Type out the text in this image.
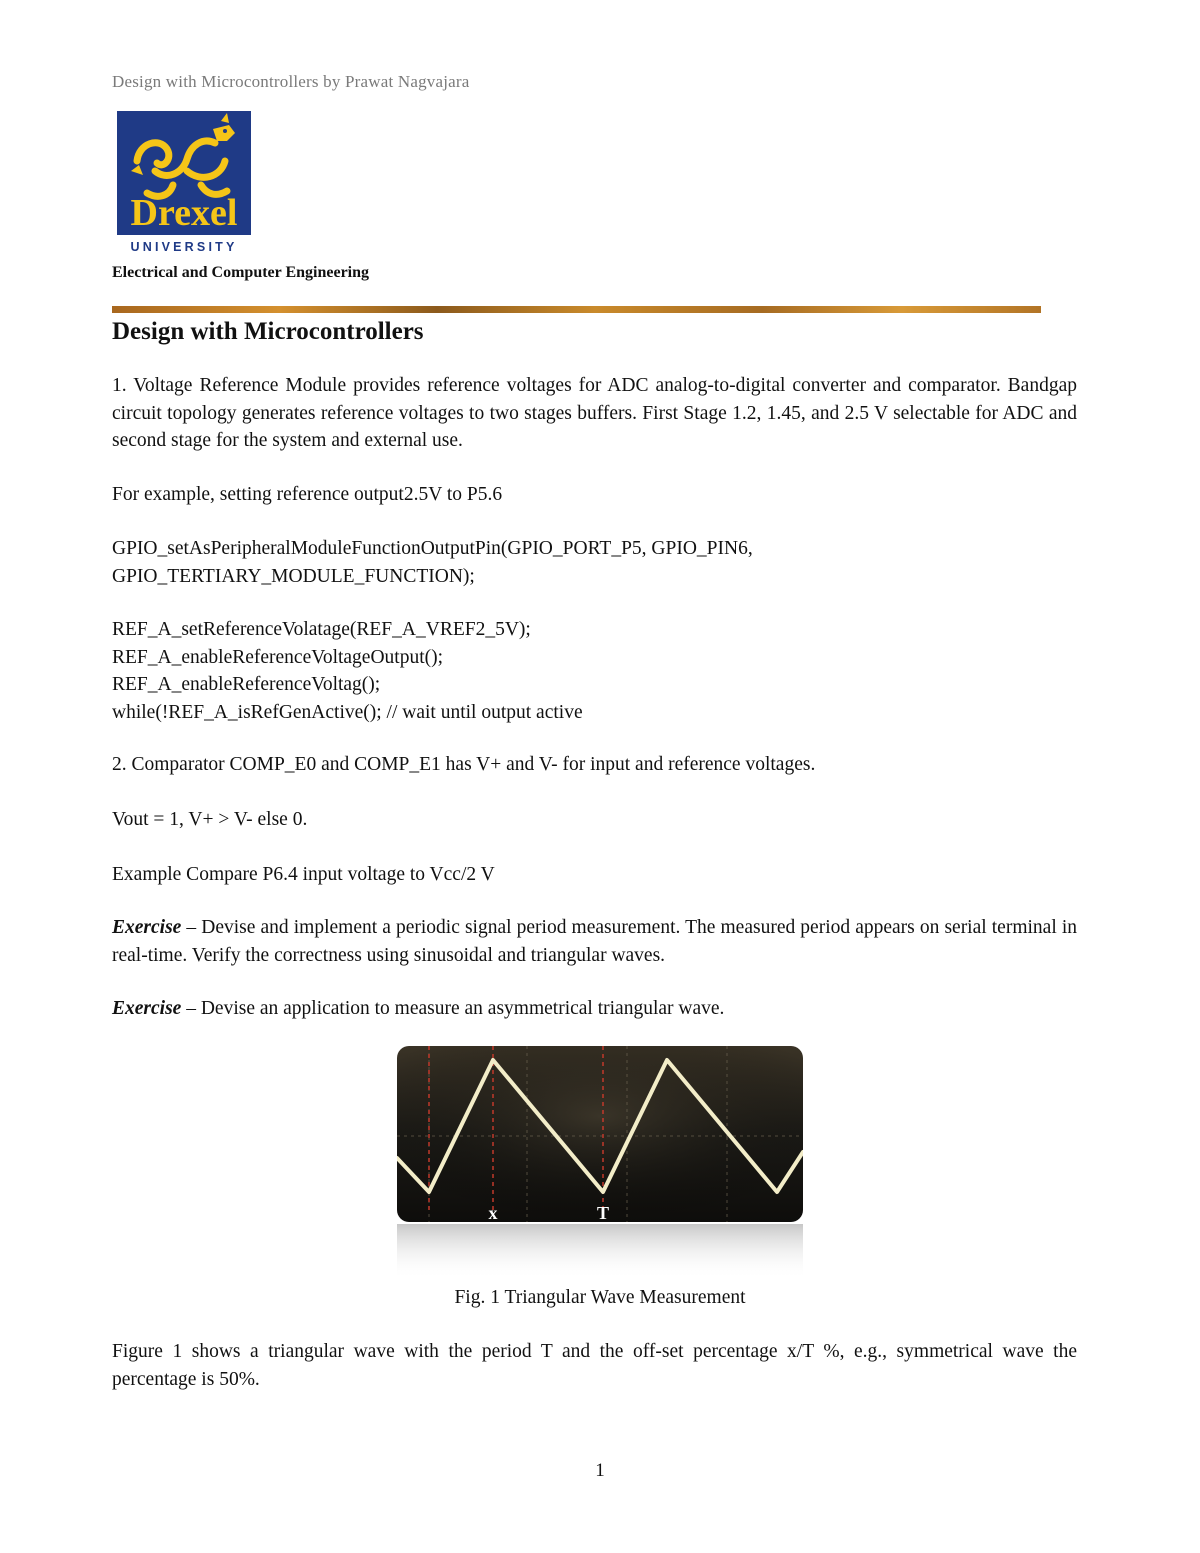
Design with Microcontrollers by Prawat Nagvajara
Drexel
UNIVERSITY
Electrical and Computer Engineering
Design with Microcontrollers

1. Voltage Reference Module provides reference voltages for ADC analog-to-digital converter and comparator. Bandgap circuit topology generates reference voltages to two stages buffers. First Stage 1.2, 1.45, and 2.5 V selectable for ADC and second stage for the system and external use.

For example, setting reference output2.5V to P5.6

GPIO_setAsPeripheralModuleFunctionOutputPin(GPIO_PORT_P5, GPIO_PIN6,

GPIO_TERTIARY_MODULE_FUNCTION);

REF_A_setReferenceVolatage(REF_A_VREF2_5V);

REF_A_enableReferenceVoltageOutput();

REF_A_enableReferenceVoltag();

while(!REF_A_isRefGenActive(); // wait until output active

2. Comparator COMP_E0 and COMP_E1 has V+ and V- for input and reference voltages.

Vout = 1, V+ > V- else 0.

Example Compare P6.4 input voltage to Vcc/2 V

Exercise – Devise and implement a periodic signal period measurement. The measured period appears on serial terminal in real-time. Verify the correctness using sinusoidal and triangular waves.

Exercise – Devise an application to measure an asymmetrical triangular wave.

x	T
Fig. 1 Triangular Wave Measurement

Figure 1 shows a triangular wave with the period T and the off-set percentage x/T %, e.g., symmetrical wave the percentage is 50%.

1
